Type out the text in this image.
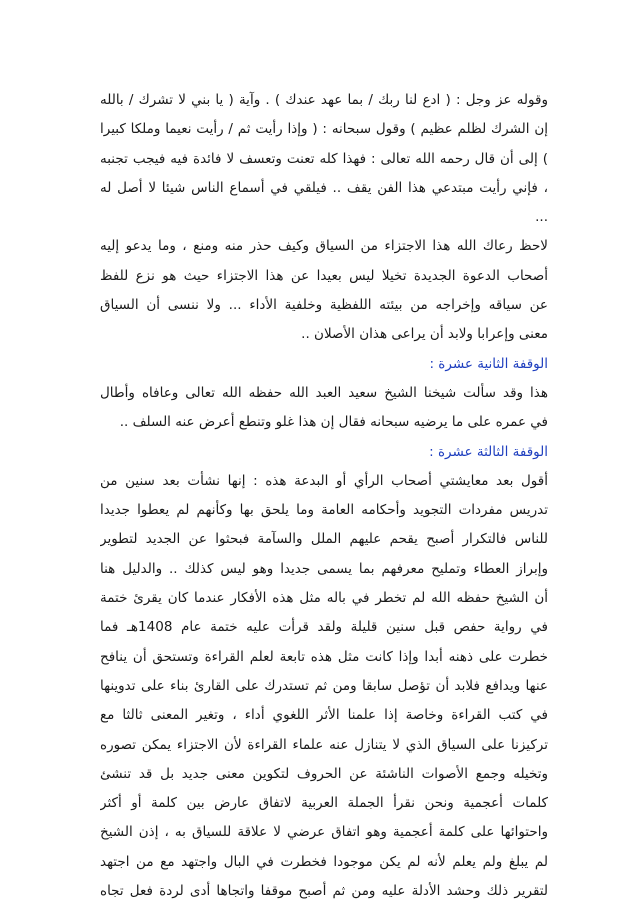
وقوله عز وجل : ( ادع لنا ربك / بما عهد عندك ) . وآية ( يا بني لا تشرك / بالله
إن الشرك لظلم عظيم ) وقول سبحانه : ( وإذا رأيت ثم / رأيت نعيما وملكا كبيرا
) إلى أن قال رحمه الله تعالى : فهذا كله تعنت وتعسف لا فائدة فيه فيجب تجنبه
، فإني رأيت مبتدعي هذا الفن يقف .. فيلقي في أسماع الناس شيئا لا أصل له
...
لاحظ رعاك الله هذا الاجتزاء من السياق وكيف حذر منه ومنع ، وما يدعو إليه
أصحاب الدعوة الجديدة تخيلا ليس بعيدا عن هذا الاجتزاء حيث هو نزع للفظ
عن سياقه وإخراجه من بيئته اللفظية وخلفية الأداء ... ولا ننسى أن السياق
معنى وإعرابا ولابد أن يراعى هذان الأصلان ..
الوقفة الثانية عشرة :
هذا وقد سألت شيخنا الشيخ سعيد العبد الله حفظه الله تعالى وعافاه وأطال
في عمره على ما يرضيه سبحانه فقال إن هذا غلو وتنطع أعرض عنه السلف ..
الوقفة الثالثة عشرة :
أقول بعد معايشتي أصحاب الرأي أو البدعة هذه : إنها نشأت بعد سنين من
تدريس مفردات التجويد وأحكامه العامة وما يلحق بها وكأنهم لم يعطوا جديدا
للناس فالتكرار أصبح يقحم عليهم الملل والسآمة فبحثوا عن الجديد لتطوير
وإبراز العطاء وتمليح معرفهم بما يسمى جديدا وهو ليس كذلك .. والدليل هنا
أن الشيخ حفظه الله لم تخطر في باله مثل هذه الأفكار عندما كان يقرئ ختمة
في رواية حفص قبل سنين قليلة ولقد قرأت عليه ختمة عام 1408هـ فما
خطرت على ذهنه أبدا وإذا كانت مثل هذه تابعة لعلم القراءة وتستحق أن ينافح
عنها ويدافع فلابد أن تؤصل سابقا ومن ثم تستدرك على القارئ بناء على تدوينها
في كتب القراءة وخاصة إذا علمنا الأثر اللغوي أداء ، وتغير المعنى ثالثا مع
تركيزنا على السياق الذي لا يتنازل عنه علماء القراءة لأن الاجتزاء يمكن تصوره
وتخيله وجمع الأصوات الناشئة عن الحروف لتكوين معنى جديد بل قد تنشئ
كلمات أعجمية ونحن نقرأ الجملة العربية لاتفاق عارض بين كلمة أو أكثر
واحتوائها على كلمة أعجمية وهو اتفاق عرضي لا علاقة للسياق به ، إذن الشيخ
لم يبلغ ولم يعلم لأنه لم يكن موجودا فخطرت في البال واجتهد مع من اجتهد
لتقرير ذلك وحشد الأدلة عليه ومن ثم أصبح موقفا واتجاها أدى لردة فعل تجاه
